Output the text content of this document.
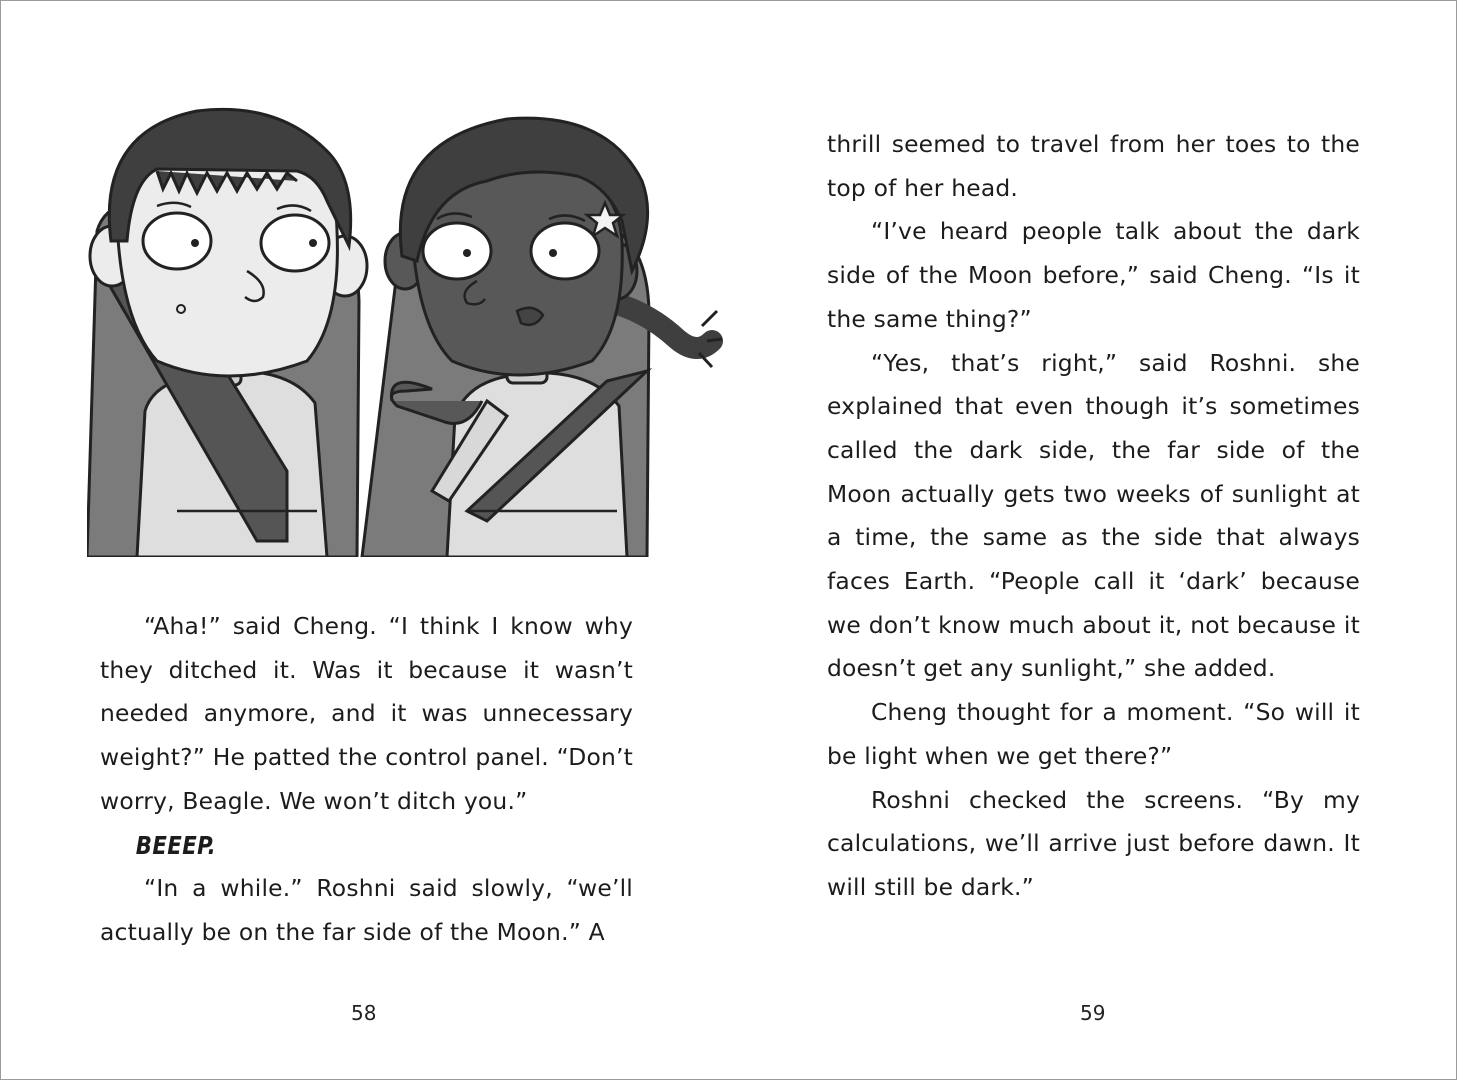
“Aha!” said Cheng. “I think I know why they ditched it. Was it because it wasn’t needed anymore, and it was unnecessary weight?” He patted the control panel. “Don’t worry, Beagle. We won’t ditch you.”

BEEEP.

“In a while.” Roshni said slowly, “we’ll actually be on the far side of the Moon.” A

thrill seemed to travel from her toes to the top of her head.

“I’ve heard people talk about the dark side of the Moon before,” said Cheng. “Is it the same thing?”

“Yes, that’s right,” said Roshni. she explained that even though it’s sometimes called the dark side, the far side of the Moon actually gets two weeks of sunlight at a time, the same as the side that always faces Earth. “People call it ‘dark’ because we don’t know much about it, not because it doesn’t get any sunlight,” she added.

Cheng thought for a moment. “So will it be light when we get there?”

Roshni checked the screens. “By my calculations, we’ll arrive just before dawn. It will still be dark.”

58	59
